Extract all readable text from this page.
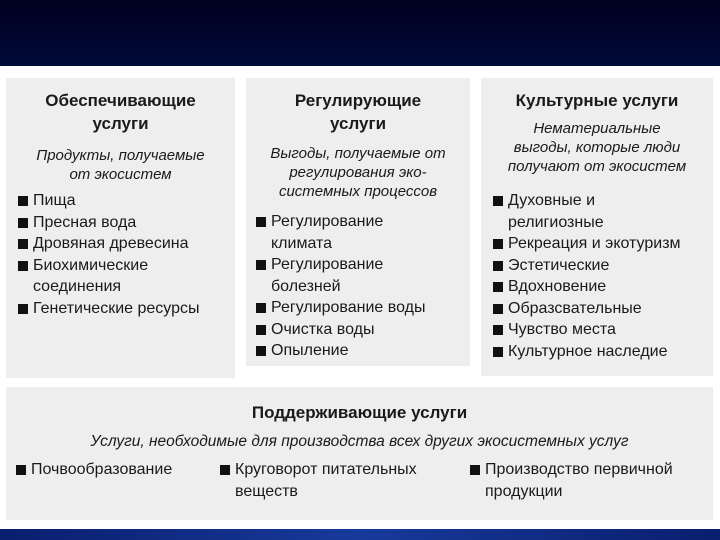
Обеспечивающие
услуги
Продукты, получаемые
от экосистем
Пища
Пресная вода
Дровяная древесина
Биохимические соединения
Генетические ресурсы
Регулирующие
услуги
Выгоды, получаемые от
регулирования эко-
системных процессов
Регулирование климата
Регулирование болезней
Регулирование воды
Очистка воды
Опыление
Культурные услуги
Нематериальные
выгоды, которые люди
получают от экосистем
Духовные и религиозные
Рекреация и экотуризм
Эстетические
Вдохновение
Образсвательные
Чувство места
Культурное наследие
Поддерживающие услуги
Услуги, необходимые для производства всех других экосистемных услуг
Почвообразование	Круговорот питательных веществ
Производство первичной продукции
